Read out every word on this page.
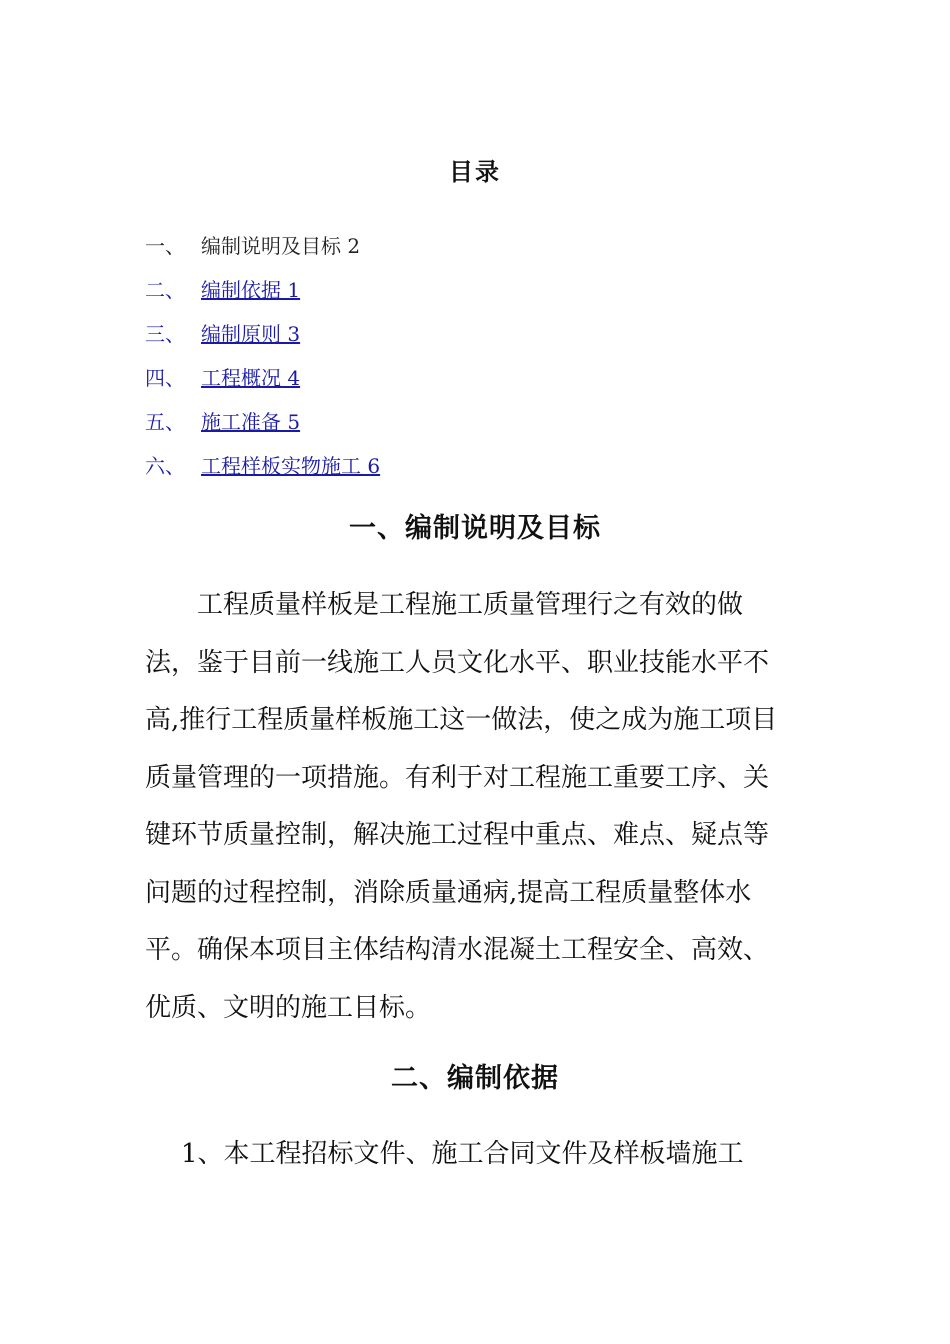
目录
一、 编制说明及目标 2
二、 编制依据 1
三、 编制原则 3
四、 工程概况 4
五、 施工准备 5
六、 工程样板实物施工 6
一、编制说明及目标
工程质量样板是工程施工质量管理行之有效的做
法，鉴于目前一线施工人员文化水平、职业技能水平不
高,推行工程质量样板施工这一做法，使之成为施工项目
质量管理的一项措施。有利于对工程施工重要工序、关
键环节质量控制，解决施工过程中重点、难点、疑点等
问题的过程控制，消除质量通病,提高工程质量整体水
平。确保本项目主体结构清水混凝土工程安全、高效、
优质、文明的施工目标。
二、编制依据
1、本工程招标文件、施工合同文件及样板墙施工
